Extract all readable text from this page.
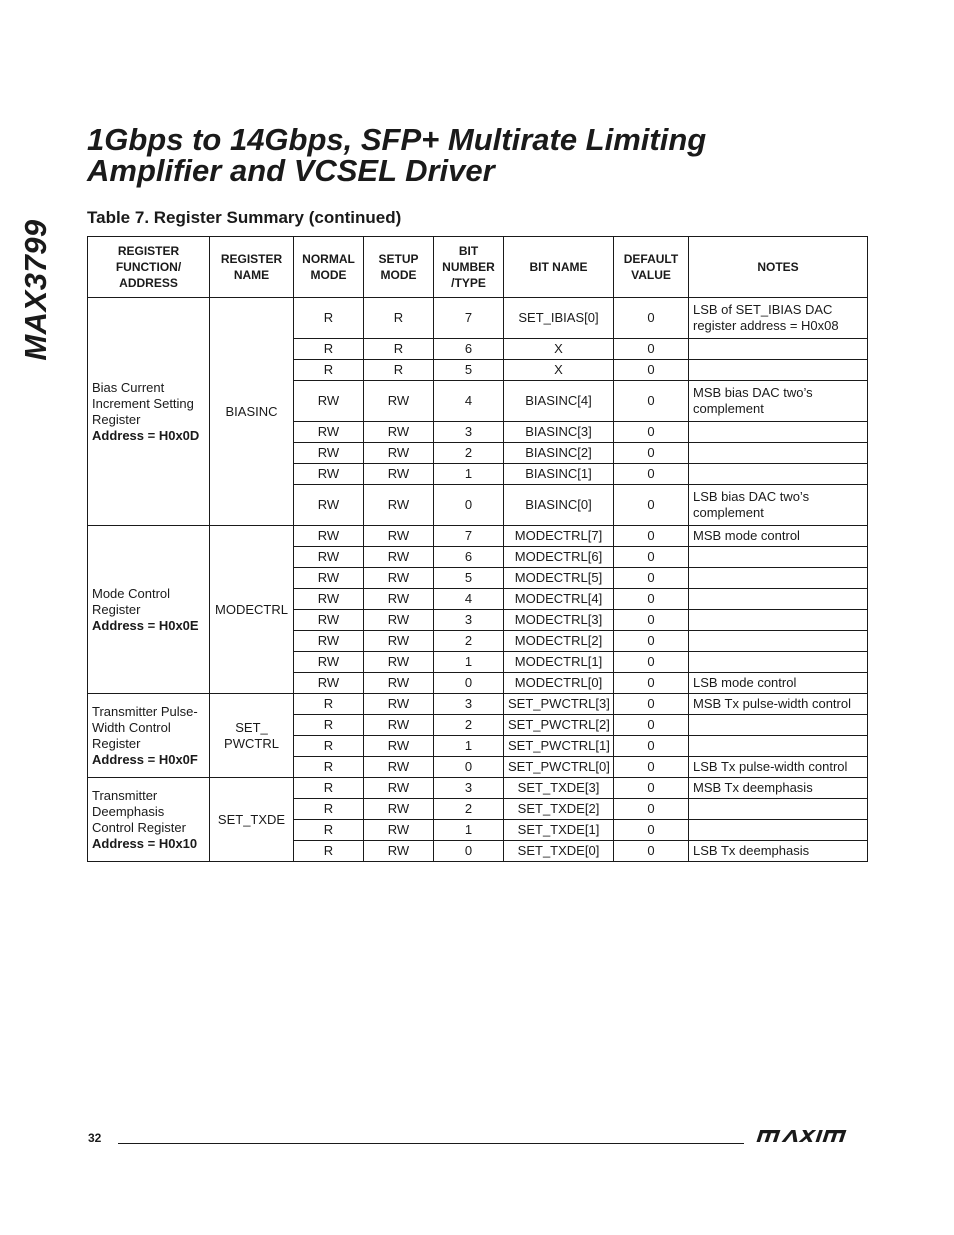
MAX3799
1Gbps to 14Gbps, SFP+ Multirate Limiting
Amplifier and VCSEL Driver
Table 7. Register Summary (continued)
REGISTER FUNCTION/ ADDRESS	REGISTER NAME	NORMAL MODE	SETUP MODE	BIT NUMBER /TYPE	BIT NAME	DEFAULT VALUE	NOTES
Bias Current Increment Setting Register
Address = H0x0D	BIASINC	R	R	7	SET_IBIAS[0]	0	LSB of SET_IBIAS DAC register address = H0x08
		R	R	6	X	0	
		R	R	5	X	0	
		RW	RW	4	BIASINC[4]	0	MSB bias DAC two’s complement
		RW	RW	3	BIASINC[3]	0	
		RW	RW	2	BIASINC[2]	0	
		RW	RW	1	BIASINC[1]	0	
		RW	RW	0	BIASINC[0]	0	LSB bias DAC two’s complement
Mode Control Register
Address = H0x0E	MODECTRL	RW	RW	7	MODECTRL[7]	0	MSB mode control
		RW	RW	6	MODECTRL[6]	0	
		RW	RW	5	MODECTRL[5]	0	
		RW	RW	4	MODECTRL[4]	0	
		RW	RW	3	MODECTRL[3]	0	
		RW	RW	2	MODECTRL[2]	0	
		RW	RW	1	MODECTRL[1]	0	
		RW	RW	0	MODECTRL[0]	0	LSB mode control
Transmitter Pulse-Width Control Register
Address = H0x0F	SET_ PWCTRL	R	RW	3	SET_PWCTRL[3]	0	MSB Tx pulse-width control
		R	RW	2	SET_PWCTRL[2]	0	
		R	RW	1	SET_PWCTRL[1]	0	
		R	RW	0	SET_PWCTRL[0]	0	LSB Tx pulse-width control
Transmitter Deemphasis Control Register
Address = H0x10	SET_TXDE	R	RW	3	SET_TXDE[3]	0	MSB Tx deemphasis
		R	RW	2	SET_TXDE[2]	0	
		R	RW	1	SET_TXDE[1]	0	
		R	RW	0	SET_TXDE[0]	0	LSB Tx deemphasis
32
